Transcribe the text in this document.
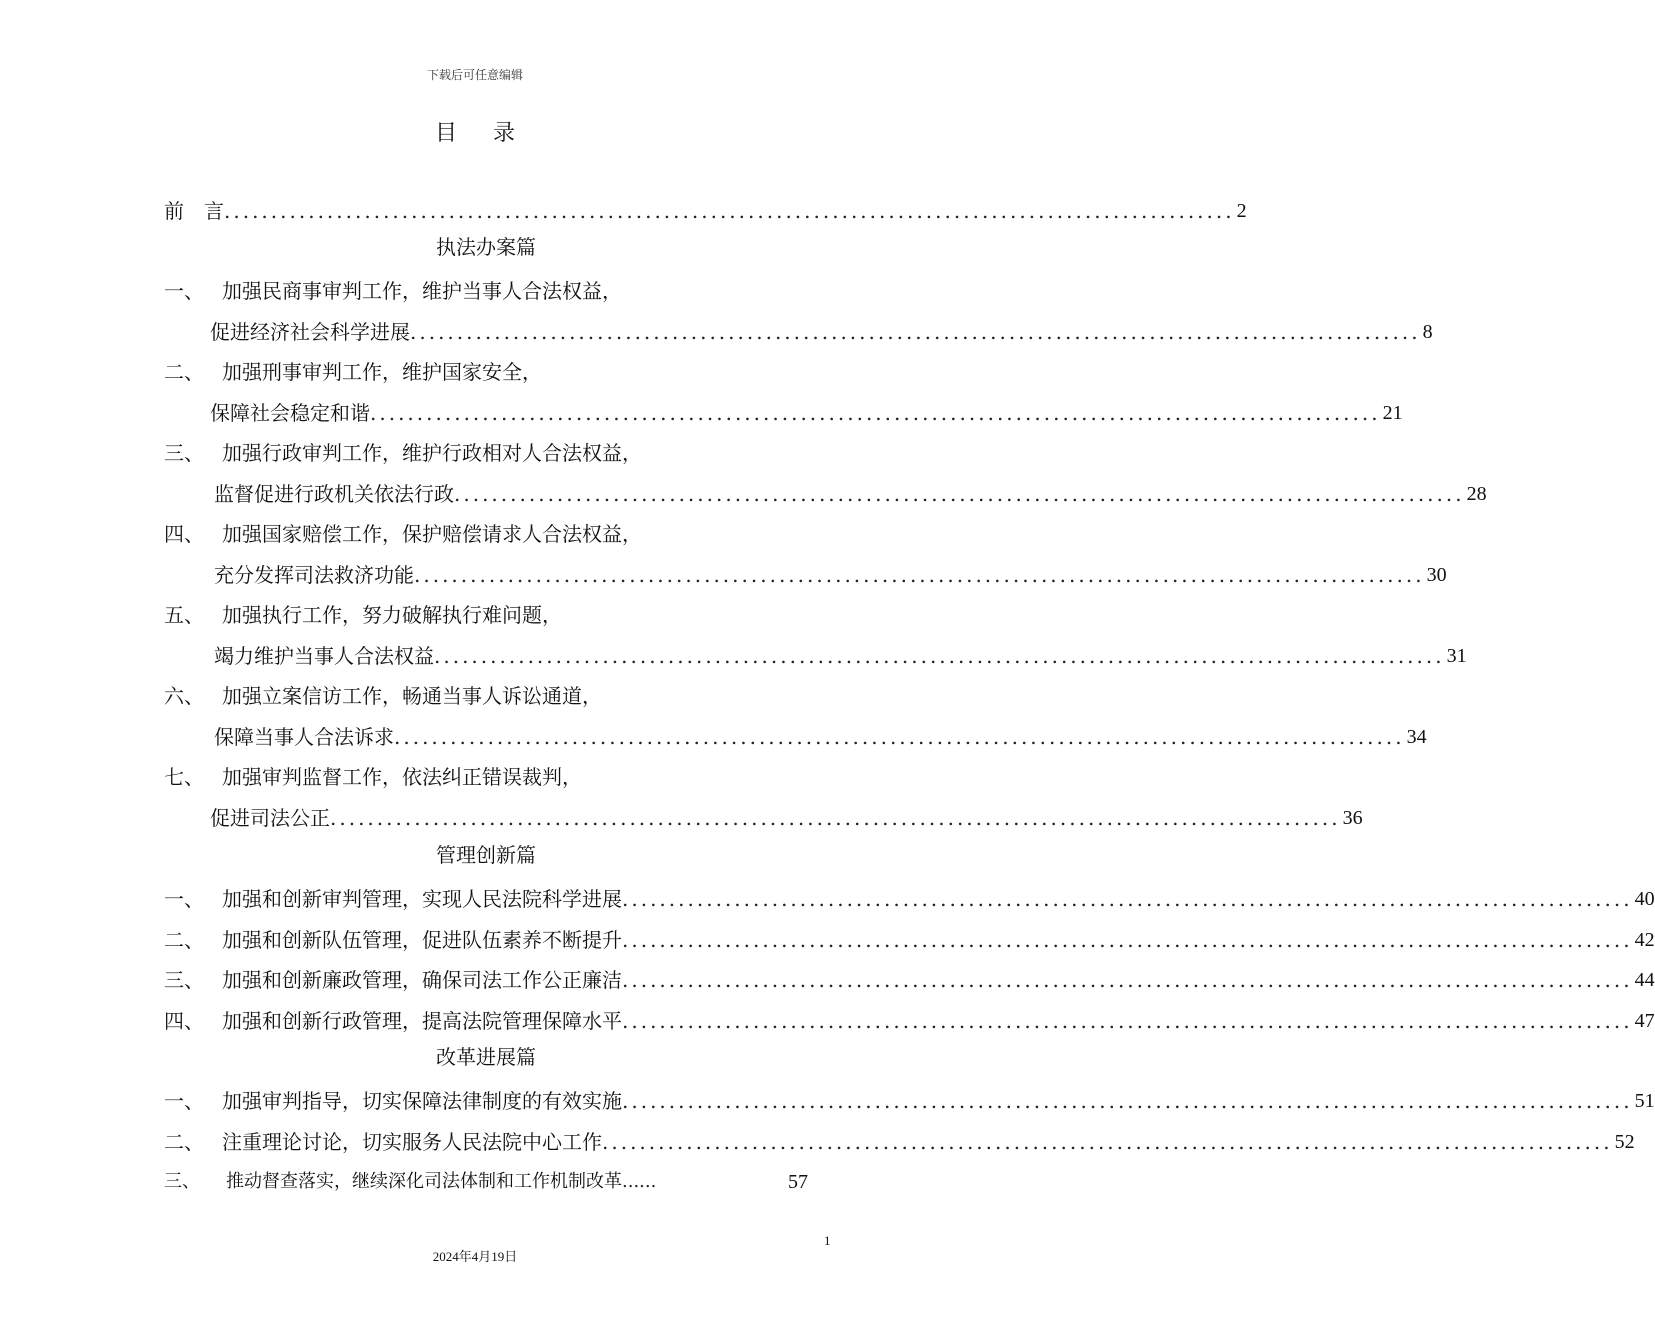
下载后可任意编辑
目录
前　言 ............................................................................................................ 2
执法办案篇
一、 加强民商事审判工作，维护当事人合法权益，
促进经济社会科学进展 ............................................................................................................ 8
二、 加强刑事审判工作，维护国家安全，
保障社会稳定和谐 ............................................................................................................ 21
三、 加强行政审判工作，维护行政相对人合法权益，
监督促进行政机关依法行政 ............................................................................................................ 28
四、 加强国家赔偿工作，保护赔偿请求人合法权益，
充分发挥司法救济功能 ............................................................................................................ 30
五、 加强执行工作，努力破解执行难问题，
竭力维护当事人合法权益 ............................................................................................................ 31
六、 加强立案信访工作，畅通当事人诉讼通道，
保障当事人合法诉求 ............................................................................................................ 34
七、 加强审判监督工作，依法纠正错误裁判，
促进司法公正 ............................................................................................................ 36
管理创新篇
一、 加强和创新审判管理，实现人民法院科学进展 ............................................................................................................ 40
二、 加强和创新队伍管理，促进队伍素养不断提升 ............................................................................................................ 42
三、 加强和创新廉政管理，确保司法工作公正廉洁 ............................................................................................................ 44
四、 加强和创新行政管理，提高法院管理保障水平 ............................................................................................................ 47
改革进展篇
一、 加强审判指导，切实保障法律制度的有效实施 ............................................................................................................ 51
二、 注重理论讨论，切实服务人民法院中心工作 ............................................................................................................ 52
三、	推动督查落实，继续深化司法体制和工作机制改革 ......	57
1
2024年4月19日
